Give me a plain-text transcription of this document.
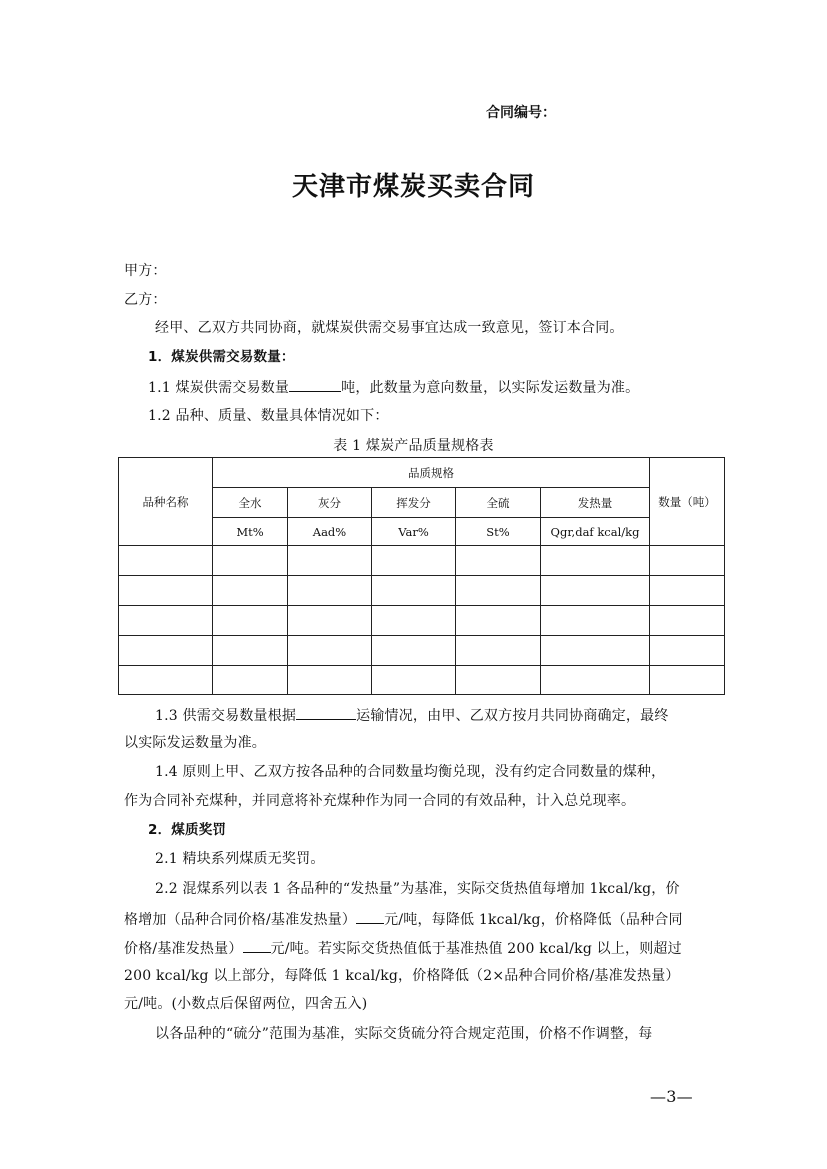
合同编号：
天津市煤炭买卖合同
甲方：
乙方：
经甲、乙双方共同协商，就煤炭供需交易事宜达成一致意见，签订本合同。
1．煤炭供需交易数量：
1.1 煤炭供需交易数量	吨，此数量为意向数量，以实际发运数量为准。
1.2 品种、质量、数量具体情况如下：
表 1 煤炭产品质量规格表
品种名称	品质规格					数量（吨）
	全水	灰分	挥发分	全硫	发热量	
	Mt%	Aad%	Var%	St%	Qgr,daf kcal/kg	

1.3 供需交易数量根据	运输情况，由甲、乙双方按月共同协商确定，最终
以实际发运数量为准。
1.4 原则上甲、乙双方按各品种的合同数量均衡兑现，没有约定合同数量的煤种，
作为合同补充煤种，并同意将补充煤种作为同一合同的有效品种，计入总兑现率。
2．煤质奖罚
2.1 精块系列煤质无奖罚。
2.2 混煤系列以表 1 各品种的“发热量”为基准，实际交货热值每增加 1kcal/kg，价
格增加（品种合同价格/基准发热量） 元/吨，每降低 1kcal/kg，价格降低（品种合同
价格/基准发热量） 元/吨。若实际交货热值低于基准热值 200 kcal/kg 以上，则超过
200 kcal/kg 以上部分，每降低 1 kcal/kg，价格降低（2×品种合同价格/基准发热量）
元/吨。(小数点后保留两位，四舍五入)
以各品种的“硫分”范围为基准，实际交货硫分符合规定范围，价格不作调整，每
—3—
